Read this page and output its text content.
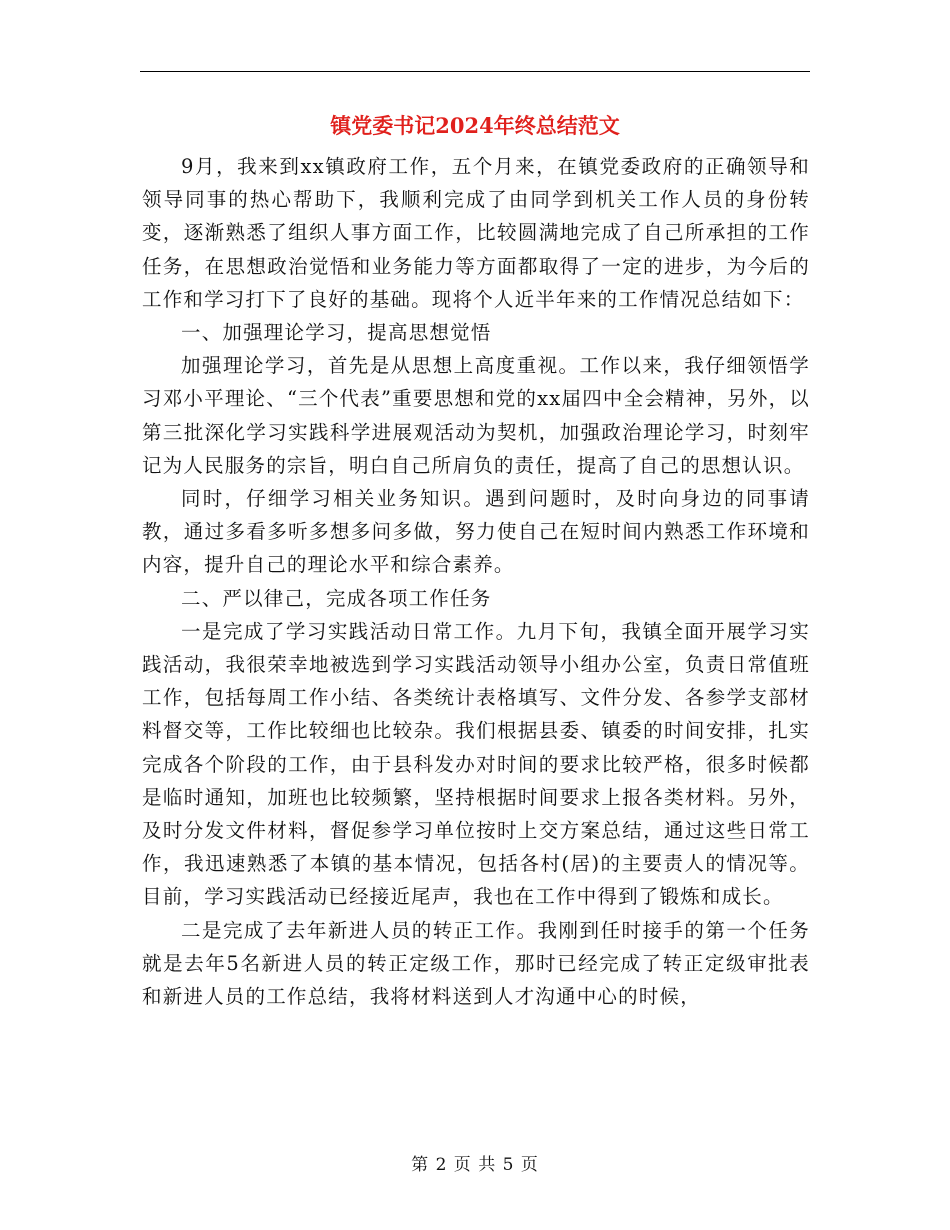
镇党委书记2024年终总结范文

9月，我来到xx镇政府工作，五个月来，在镇党委政府的正确领导和领导同事的热心帮助下，我顺利完成了由同学到机关工作人员的身份转变，逐渐熟悉了组织人事方面工作，比较圆满地完成了自己所承担的工作任务，在思想政治觉悟和业务能力等方面都取得了一定的进步，为今后的工作和学习打下了良好的基础。现将个人近半年来的工作情况总结如下：

一、加强理论学习，提高思想觉悟

加强理论学习，首先是从思想上高度重视。工作以来，我仔细领悟学习邓小平理论、“三个代表”重要思想和党的xx届四中全会精神，另外，以第三批深化学习实践科学进展观活动为契机，加强政治理论学习，时刻牢记为人民服务的宗旨，明白自己所肩负的责任，提高了自己的思想认识。

同时，仔细学习相关业务知识。遇到问题时，及时向身边的同事请教，通过多看多听多想多问多做，努力使自己在短时间内熟悉工作环境和内容，提升自己的理论水平和综合素养。

二、严以律己，完成各项工作任务

一是完成了学习实践活动日常工作。九月下旬，我镇全面开展学习实践活动，我很荣幸地被选到学习实践活动领导小组办公室，负责日常值班工作，包括每周工作小结、各类统计表格填写、文件分发、各参学支部材料督交等，工作比较细也比较杂。我们根据县委、镇委的时间安排，扎实完成各个阶段的工作，由于县科发办对时间的要求比较严格，很多时候都是临时通知，加班也比较频繁，坚持根据时间要求上报各类材料。另外，及时分发文件材料，督促参学习单位按时上交方案总结，通过这些日常工作，我迅速熟悉了本镇的基本情况，包括各村(居)的主要责人的情况等。目前，学习实践活动已经接近尾声，我也在工作中得到了锻炼和成长。

二是完成了去年新进人员的转正工作。我刚到任时接手的第一个任务就是去年5名新进人员的转正定级工作，那时已经完成了转正定级审批表和新进人员的工作总结，我将材料送到人才沟通中心的时候，

第 2 页 共 5 页
